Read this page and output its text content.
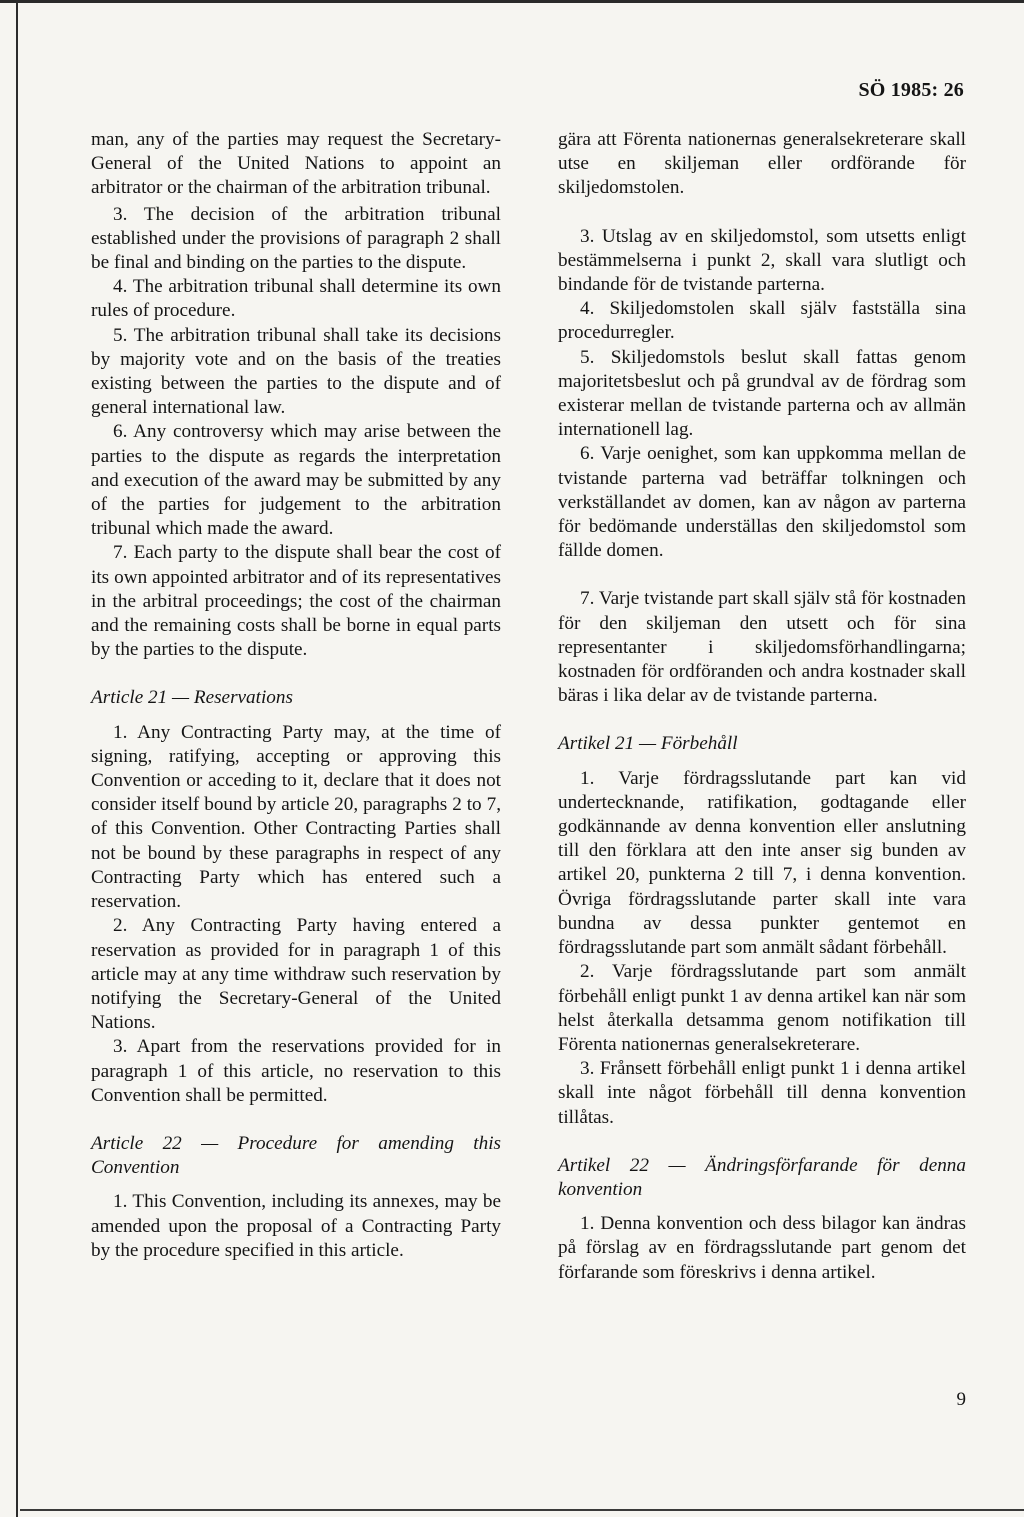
SÖ 1985: 26

man, any of the parties may request the Secretary-General of the United Nations to appoint an arbitrator or the chairman of the arbitration tribunal.

3. The decision of the arbitration tribunal established under the provisions of paragraph 2 shall be final and binding on the parties to the dispute.

4. The arbitration tribunal shall determine its own rules of procedure.

5. The arbitration tribunal shall take its decisions by majority vote and on the basis of the treaties existing between the parties to the dispute and of general international law.

6. Any controversy which may arise between the parties to the dispute as regards the interpretation and execution of the award may be submitted by any of the parties for judgement to the arbitration tribunal which made the award.

7. Each party to the dispute shall bear the cost of its own appointed arbitrator and of its representatives in the arbitral proceedings; the cost of the chairman and the remaining costs shall be borne in equal parts by the parties to the dispute.

Article 21 — Reservations

1. Any Contracting Party may, at the time of signing, ratifying, accepting or approving this Convention or acceding to it, declare that it does not consider itself bound by article 20, paragraphs 2 to 7, of this Convention. Other Contracting Parties shall not be bound by these paragraphs in respect of any Contracting Party which has entered such a reservation.

2. Any Contracting Party having entered a reservation as provided for in paragraph 1 of this article may at any time withdraw such reservation by notifying the Secretary-General of the United Nations.

3. Apart from the reservations provided for in paragraph 1 of this article, no reservation to this Convention shall be permitted.

Article 22 — Procedure for amending this Convention

1. This Convention, including its annexes, may be amended upon the proposal of a Contracting Party by the procedure specified in this article.

gära att Förenta nationernas generalsekreterare skall utse en skiljeman eller ordförande för skiljedomstolen.

3. Utslag av en skiljedomstol, som utsetts enligt bestämmelserna i punkt 2, skall vara slutligt och bindande för de tvistande parterna.

4. Skiljedomstolen skall själv fastställa sina procedurregler.

5. Skiljedomstols beslut skall fattas genom majoritetsbeslut och på grundval av de fördrag som existerar mellan de tvistande parterna och av allmän internationell lag.

6. Varje oenighet, som kan uppkomma mellan de tvistande parterna vad beträffar tolkningen och verkställandet av domen, kan av någon av parterna för bedömande underställas den skiljedomstol som fällde domen.

7. Varje tvistande part skall själv stå för kostnaden för den skiljeman den utsett och för sina representanter i skiljedomsförhandlingarna; kostnaden för ordföranden och andra kostnader skall bäras i lika delar av de tvistande parterna.

Artikel 21 — Förbehåll

1. Varje fördragsslutande part kan vid undertecknande, ratifikation, godtagande eller godkännande av denna konvention eller anslutning till den förklara att den inte anser sig bunden av artikel 20, punkterna 2 till 7, i denna konvention. Övriga fördragsslutande parter skall inte vara bundna av dessa punkter gentemot en fördragsslutande part som anmält sådant förbehåll.

2. Varje fördragsslutande part som anmält förbehåll enligt punkt 1 av denna artikel kan när som helst återkalla detsamma genom notifikation till Förenta nationernas generalsekreterare.

3. Frånsett förbehåll enligt punkt 1 i denna artikel skall inte något förbehåll till denna konvention tillåtas.

Artikel 22 — Ändringsförfarande för denna konvention

1. Denna konvention och dess bilagor kan ändras på förslag av en fördragsslutande part genom det förfarande som föreskrivs i denna artikel.

9
